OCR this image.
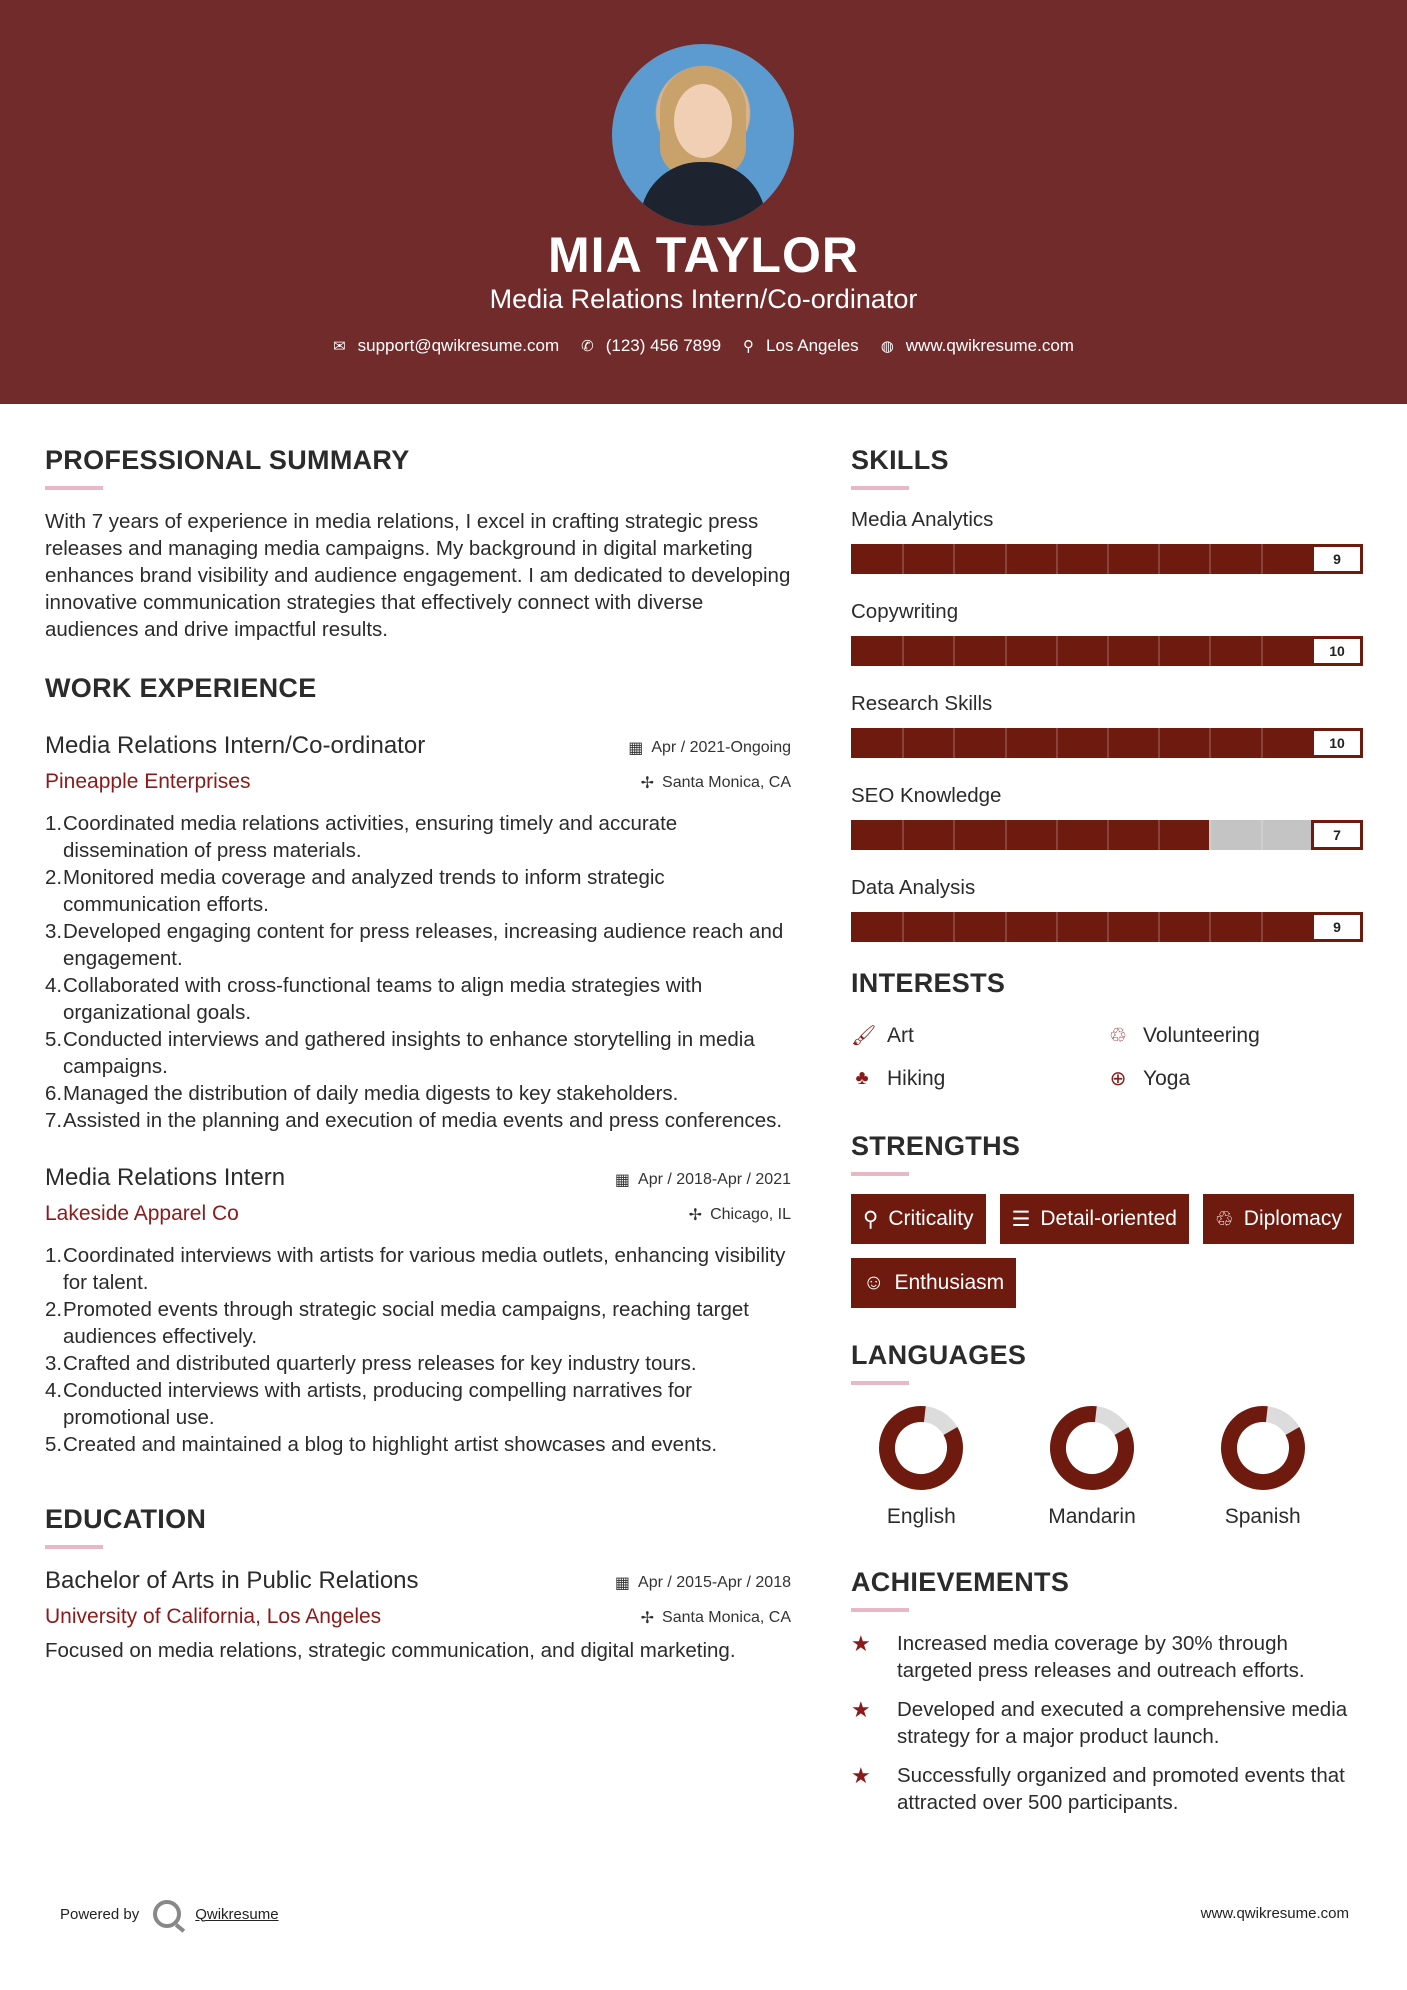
MIA TAYLOR
Media Relations Intern/Co-ordinator
✉ support@qwikresume.com ✆ (123) 456 7899 ⚲ Los Angeles ◍ www.qwikresume.com
PROFESSIONAL SUMMARY
With 7 years of experience in media relations, I excel in crafting strategic press releases and managing media campaigns. My background in digital marketing enhances brand visibility and audience engagement. I am dedicated to developing innovative communication strategies that effectively connect with diverse audiences and drive impactful results.
WORK EXPERIENCE
Media Relations Intern/Co-ordinator	▦ Apr / 2021-Ongoing
Pineapple Enterprises	✢ Santa Monica, CA
1. Coordinated media relations activities, ensuring timely and accurate dissemination of press materials.
2. Monitored media coverage and analyzed trends to inform strategic communication efforts.
3. Developed engaging content for press releases, increasing audience reach and engagement.
4. Collaborated with cross-functional teams to align media strategies with organizational goals.
5. Conducted interviews and gathered insights to enhance storytelling in media campaigns.
6. Managed the distribution of daily media digests to key stakeholders.
7. Assisted in the planning and execution of media events and press conferences.
Media Relations Intern	▦ Apr / 2018-Apr / 2021
Lakeside Apparel Co	✢ Chicago, IL
1. Coordinated interviews with artists for various media outlets, enhancing visibility for talent.
2. Promoted events through strategic social media campaigns, reaching target audiences effectively.
3. Crafted and distributed quarterly press releases for key industry tours.
4. Conducted interviews with artists, producing compelling narratives for promotional use.
5. Created and maintained a blog to highlight artist showcases and events.
EDUCATION
Bachelor of Arts in Public Relations	▦ Apr / 2015-Apr / 2018
University of California, Los Angeles	✢ Santa Monica, CA
Focused on media relations, strategic communication, and digital marketing.
SKILLS
Media Analytics
9
Copywriting
10
Research Skills
10
SEO Knowledge
7
Data Analysis
9
INTERESTS
🖌︎ Art	♲ Volunteering
♣ Hiking	⊕ Yoga
STRENGTHS
⚲ Criticality ☰ Detail-oriented ♲ Diplomacy
☺ Enthusiasm
LANGUAGES
English	Mandarin	Spanish
ACHIEVEMENTS
★	Increased media coverage by 30% through targeted press releases and outreach efforts.
★	Developed and executed a comprehensive media strategy for a major product launch.
★	Successfully organized and promoted events that attracted over 500 participants.
Powered by	Qwikresume	www.qwikresume.com
